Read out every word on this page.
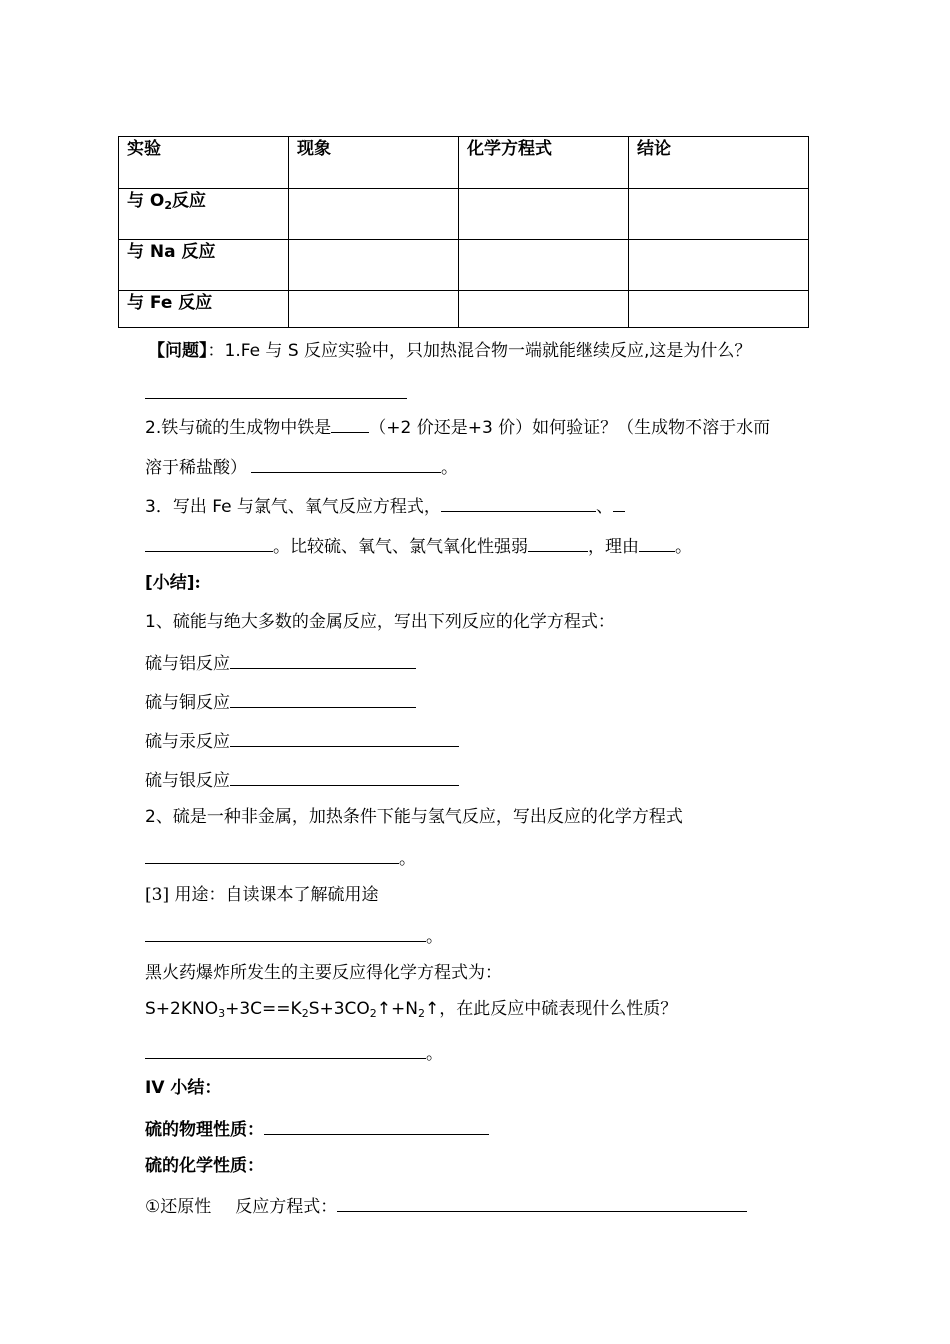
实验	现象	化学方程式	结论
与 $O_2$反应			
与 Na 反应			
与 Fe 反应			
【问题】：1.Fe 与 S 反应实验中，只加热混合物一端就能继续反应,这是为什么？
2.铁与硫的生成物中铁是 （+2 价还是+3 价）如何验证？（生成物不溶于水而
溶于稀盐酸）	。
3．写出 Fe 与氯气、氧气反应方程式，	、
。比较硫、氧气、氯气氧化性强弱	，理由 。
[小结]:
1、硫能与绝大多数的金属反应，写出下列反应的化学方程式：
硫与铝反应
硫与铜反应
硫与汞反应
硫与银反应
2、硫是一种非金属，加热条件下能与氢气反应，写出反应的化学方程式
。
[3] 用途：自读课本了解硫用途
。
黑火药爆炸所发生的主要反应得化学方程式为：
$S+2KNO_3+3C==K_2S+3CO_2↑+N_2↑$，在此反应中硫表现什么性质？
。
IV 小结：
硫的物理性质：
硫的化学性质：
①还原性 反应方程式：
